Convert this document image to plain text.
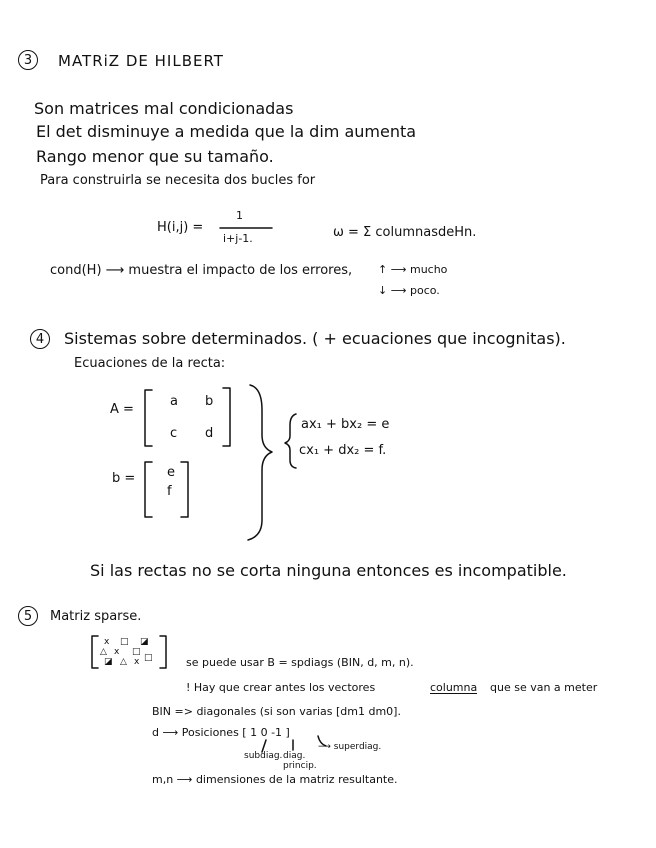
3	MATRiZ DE HILBERT
Son matrices mal condicionadas
El det disminuye a medida que la dim aumenta
Rango menor que su tamaño.
Para construirla se necesita dos bucles for
H(i,j) =
1
i+j-1.	ω = Σ columnasdeHn.
cond(H) ⟶ muestra el impacto de los errores, ↑ ⟶ mucho
↓ ⟶ poco.
4	Sistemas sobre determinados. ( + ecuaciones que incognitas).
Ecuaciones de la recta:
A =
a b
c d
b = e
f
ax₁ + bx₂ = e
cx₁ + dx₂ = f.
Si las rectas no se corta ninguna entonces es incompatible.
5	Matriz sparse.
se puede usar B = spdiags (BIN, d, m, n).
! Hay que crear antes los vectores	columna que se van a meter
BIN => diagonales (si son varias [dm1 dm0].
d ⟶ Posiciones [ 1 0 -1 ]
subdiag. diag.
princip.
⟶ superdiag.
m,n ⟶ dimensiones de la matriz resultante.
x □ ◪
△ x □
◪ △ x □
